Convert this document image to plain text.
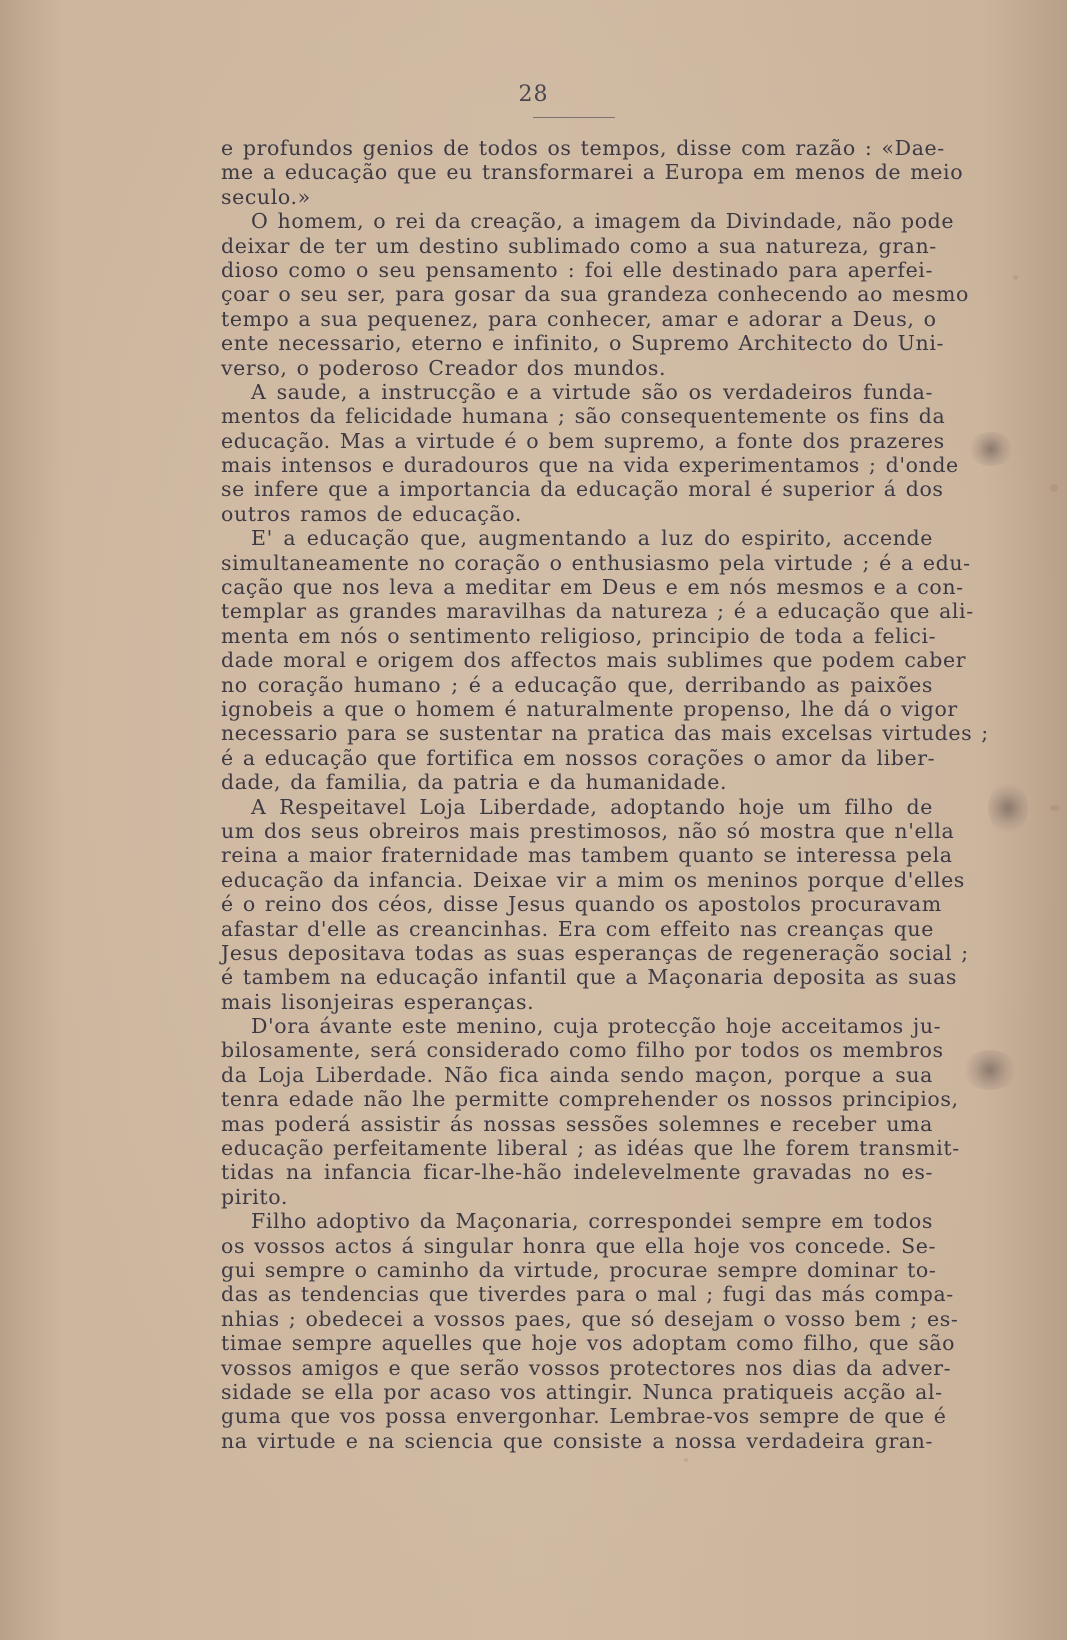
28
e profundos genios de todos os tempos, disse com razão : «Dae-
me a educação que eu transformarei a Europa em menos de meio
seculo.»
O homem, o rei da creação, a imagem da Divindade, não pode
deixar de ter um destino sublimado como a sua natureza, gran-
dioso como o seu pensamento : foi elle destinado para aperfei-
çoar o seu ser, para gosar da sua grandeza conhecendo ao mesmo
tempo a sua pequenez, para conhecer, amar e adorar a Deus, o
ente necessario, eterno e infinito, o Supremo Architecto do Uni-
verso, o poderoso Creador dos mundos.
A saude, a instrucção e a virtude são os verdadeiros funda-
mentos da felicidade humana ; são consequentemente os fins da
educação. Mas a virtude é o bem supremo, a fonte dos prazeres
mais intensos e duradouros que na vida experimentamos ; d'onde
se infere que a importancia da educação moral é superior á dos
outros ramos de educação.
E' a educação que, augmentando a luz do espirito, accende
simultaneamente no coração o enthusiasmo pela virtude ; é a edu-
cação que nos leva a meditar em Deus e em nós mesmos e a con-
templar as grandes maravilhas da natureza ; é a educação que ali-
menta em nós o sentimento religioso, principio de toda a felici-
dade moral e origem dos affectos mais sublimes que podem caber
no coração humano ; é a educação que, derribando as paixões
ignobeis a que o homem é naturalmente propenso, lhe dá o vigor
necessario para se sustentar na pratica das mais excelsas virtudes ;
é a educação que fortifica em nossos corações o amor da liber-
dade, da familia, da patria e da humanidade.
A Respeitavel Loja Liberdade, adoptando hoje um filho de
um dos seus obreiros mais prestimosos, não só mostra que n'ella
reina a maior fraternidade mas tambem quanto se interessa pela
educação da infancia. Deixae vir a mim os meninos porque d'elles
é o reino dos céos, disse Jesus quando os apostolos procuravam
afastar d'elle as creancinhas. Era com effeito nas creanças que
Jesus depositava todas as suas esperanças de regeneração social ;
é tambem na educação infantil que a Maçonaria deposita as suas
mais lisonjeiras esperanças.
D'ora ávante este menino, cuja protecção hoje acceitamos ju-
bilosamente, será considerado como filho por todos os membros
da Loja Liberdade. Não fica ainda sendo maçon, porque a sua
tenra edade não lhe permitte comprehender os nossos principios,
mas poderá assistir ás nossas sessões solemnes e receber uma
educação perfeitamente liberal ; as idéas que lhe forem transmit-
tidas na infancia ficar-lhe-hão indelevelmente gravadas no es-
pirito.
Filho adoptivo da Maçonaria, correspondei sempre em todos
os vossos actos á singular honra que ella hoje vos concede. Se-
gui sempre o caminho da virtude, procurae sempre dominar to-
das as tendencias que tiverdes para o mal ; fugi das más compa-
nhias ; obedecei a vossos paes, que só desejam o vosso bem ; es-
timae sempre aquelles que hoje vos adoptam como filho, que são
vossos amigos e que serão vossos protectores nos dias da adver-
sidade se ella por acaso vos attingir. Nunca pratiqueis acção al-
guma que vos possa envergonhar. Lembrae-vos sempre de que é
na virtude e na sciencia que consiste a nossa verdadeira gran-
